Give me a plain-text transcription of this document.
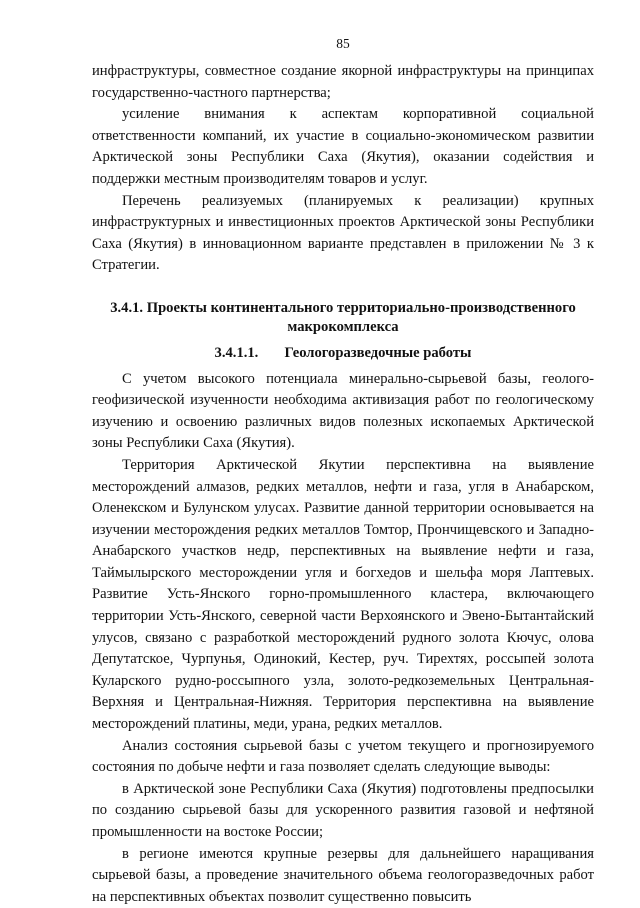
85

инфраструктуры, совместное создание якорной инфраструктуры на принципах государственно-частного партнерства;

усиление внимания к аспектам корпоративной социальной ответственности компаний, их участие в социально-экономическом развитии Арктической зоны Республики Саха (Якутия), оказании содействия и поддержки местным производителям товаров и услуг.

Перечень реализуемых (планируемых к реализации) крупных инфраструктурных и инвестиционных проектов Арктической зоны Республики Саха (Якутия) в инновационном варианте представлен в приложении № 3 к Стратегии.

3.4.1. Проекты континентального территориально-производственного макрокомплекса

3.4.1.1. Геологоразведочные работы

С учетом высокого потенциала минерально-сырьевой базы, геолого-геофизической изученности необходима активизация работ по геологическому изучению и освоению различных видов полезных ископаемых Арктической зоны Республики Саха (Якутия).

Территория Арктической Якутии перспективна на выявление месторождений алмазов, редких металлов, нефти и газа, угля в Анабарском, Оленекском и Булунском улусах. Развитие данной территории основывается на изучении месторождения редких металлов Томтор, Прончищевского и Западно-Анабарского участков недр, перспективных на выявление нефти и газа, Таймылырского месторождении угля и богхедов и шельфа моря Лаптевых. Развитие Усть-Янского горно-промышленного кластера, включающего территории Усть-Янского, северной части Верхоянского и Эвено-Бытантайский улусов, связано с разработкой месторождений рудного золота Кючус, олова Депутатское, Чурпунья, Одинокий, Кестер, руч. Тирехтях, россыпей золота Куларского рудно-россыпного узла, золото-редкоземельных Центральная-Верхняя и Центральная-Нижняя. Территория перспективна на выявление месторождений платины, меди, урана, редких металлов.

Анализ состояния сырьевой базы с учетом текущего и прогнозируемого состояния по добыче нефти и газа позволяет сделать следующие выводы:

в Арктической зоне Республики Саха (Якутия) подготовлены предпосылки по созданию сырьевой базы для ускоренного развития газовой и нефтяной промышленности на востоке России;

в регионе имеются крупные резервы для дальнейшего наращивания сырьевой базы, а проведение значительного объема геологоразведочных работ на перспективных объектах позволит существенно повысить
